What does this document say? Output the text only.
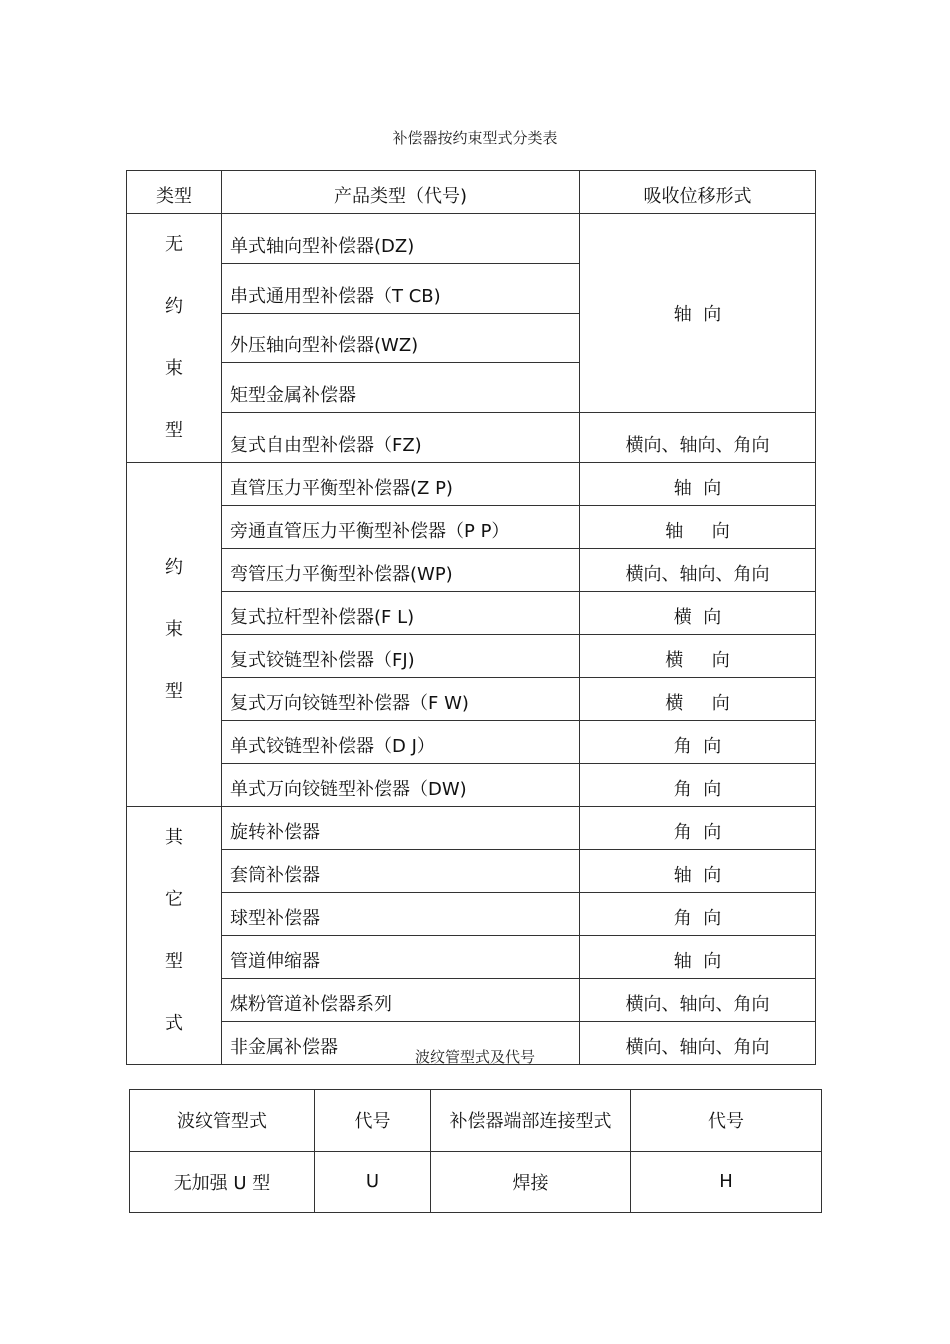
补偿器按约束型式分类表
类型	产品类型（代号)	吸收位移形式

无
约
束
型	单式轴向型补偿器(DZ)	轴  向
	串式通用型补偿器（T CB)	
	外压轴向型补偿器(WZ)	
	矩型金属补偿器	
	复式自由型补偿器（FZ)	横向、轴向、角向

约
束
型	直管压力平衡型补偿器(Z P)	轴  向
	旁通直管压力平衡型补偿器（P P）	轴     向
	弯管压力平衡型补偿器(WP)	横向、轴向、角向
	复式拉杆型补偿器(F L)	横  向
	复式铰链型补偿器（FJ)	横     向
	复式万向铰链型补偿器（F W)	横     向
	单式铰链型补偿器（D J）	角  向
	单式万向铰链型补偿器（DW)	角  向

其
它
型
式	旋转补偿器	角  向
	套筒补偿器	轴  向
	球型补偿器	角  向
	管道伸缩器	轴  向
	煤粉管道补偿器系列	横向、轴向、角向
	非金属补偿器	横向、轴向、角向
波纹管型式及代号
波纹管型式	代号	补偿器端部连接型式	代号
无加强 U 型	U	焊接	H
